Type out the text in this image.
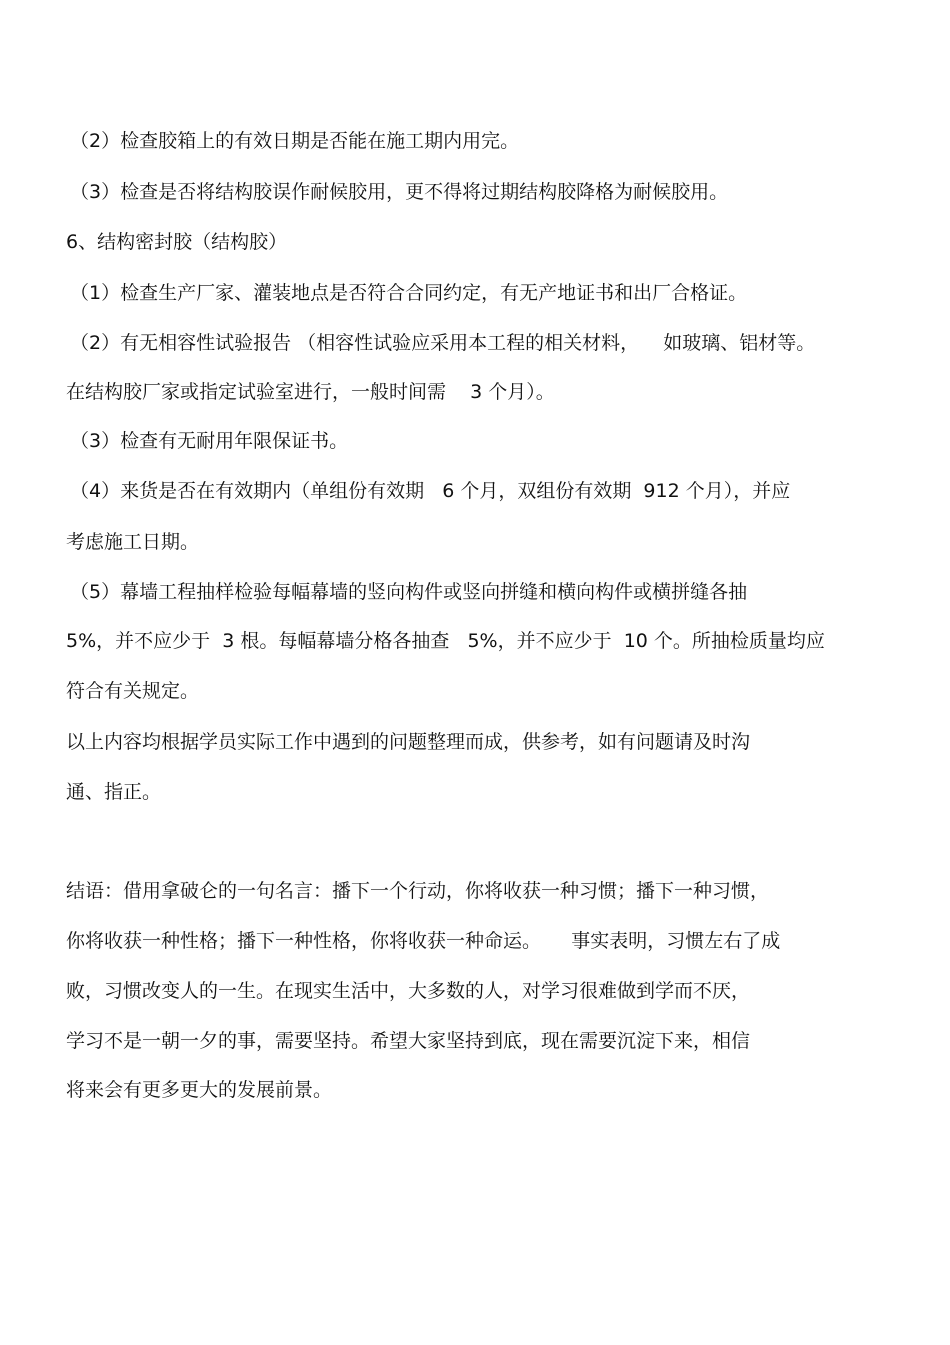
（2）检查胶箱上的有效日期是否能在施工期内用完。
（3）检查是否将结构胶误作耐候胶用，更不得将过期结构胶降格为耐候胶用。
6、结构密封胶（结构胶）
（1）检查生产厂家、灌装地点是否符合合同约定，有无产地证书和出厂合格证。
（2）有无相容性试验报告 （相容性试验应采用本工程的相关材料，    如玻璃、铝材等。
在结构胶厂家或指定试验室进行，一般时间需    3 个月）。
（3）检查有无耐用年限保证书。
（4）来货是否在有效期内（单组份有效期   6 个月，双组份有效期  912 个月），并应
考虑施工日期。
（5）幕墙工程抽样检验每幅幕墙的竖向构件或竖向拼缝和横向构件或横拼缝各抽
5%，并不应少于  3 根。每幅幕墙分格各抽查   5%，并不应少于  10 个。所抽检质量均应
符合有关规定。
以上内容均根据学员实际工作中遇到的问题整理而成，供参考，如有问题请及时沟
通、指正。
结语：借用拿破仑的一句名言：播下一个行动，你将收获一种习惯；播下一种习惯，
你将收获一种性格；播下一种性格，你将收获一种命运。     事实表明，习惯左右了成
败，习惯改变人的一生。在现实生活中，大多数的人，对学习很难做到学而不厌，
学习不是一朝一夕的事，需要坚持。希望大家坚持到底，现在需要沉淀下来，相信
将来会有更多更大的发展前景。
